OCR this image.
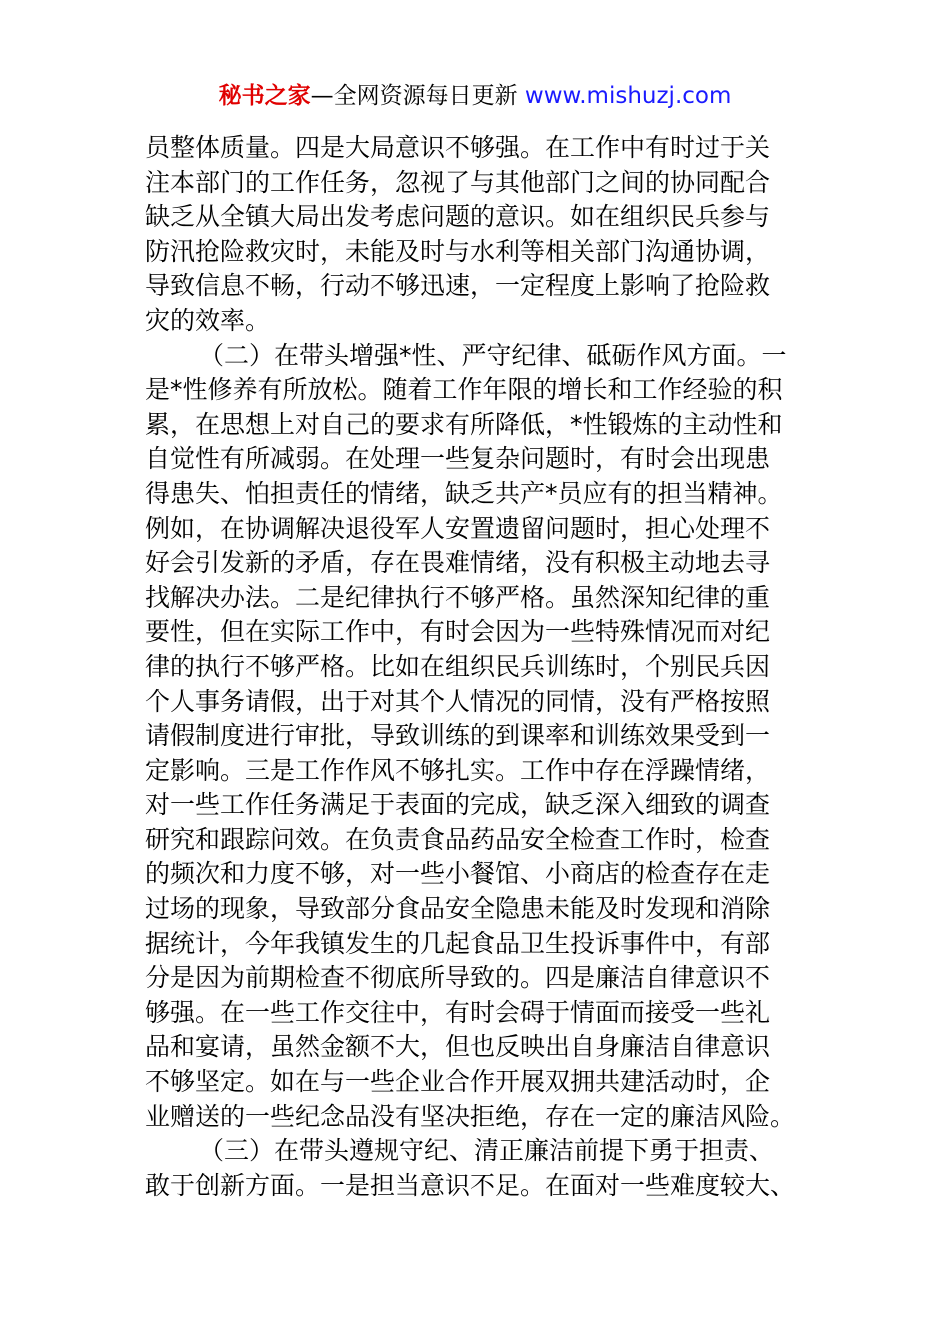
秘书之家—全网资源每日更新 www.mishuzj.com
员整体质量。四是大局意识不够强。在工作中有时过于关
注本部门的工作任务，忽视了与其他部门之间的协同配合
缺乏从全镇大局出发考虑问题的意识。如在组织民兵参与
防汛抢险救灾时，未能及时与水利等相关部门沟通协调，
导致信息不畅，行动不够迅速，一定程度上影响了抢险救
灾的效率。
（二）在带头增强*性、严守纪律、砥砺作风方面。一
是*性修养有所放松。随着工作年限的增长和工作经验的积
累，在思想上对自己的要求有所降低，*性锻炼的主动性和
自觉性有所减弱。在处理一些复杂问题时，有时会出现患
得患失、怕担责任的情绪，缺乏共产*员应有的担当精神。
例如，在协调解决退役军人安置遗留问题时，担心处理不
好会引发新的矛盾，存在畏难情绪，没有积极主动地去寻
找解决办法。二是纪律执行不够严格。虽然深知纪律的重
要性，但在实际工作中，有时会因为一些特殊情况而对纪
律的执行不够严格。比如在组织民兵训练时，个别民兵因
个人事务请假，出于对其个人情况的同情，没有严格按照
请假制度进行审批，导致训练的到课率和训练效果受到一
定影响。三是工作作风不够扎实。工作中存在浮躁情绪，
对一些工作任务满足于表面的完成，缺乏深入细致的调查
研究和跟踪问效。在负责食品药品安全检查工作时，检查
的频次和力度不够，对一些小餐馆、小商店的检查存在走
过场的现象，导致部分食品安全隐患未能及时发现和消除
据统计，今年我镇发生的几起食品卫生投诉事件中，有部
分是因为前期检查不彻底所导致的。四是廉洁自律意识不
够强。在一些工作交往中，有时会碍于情面而接受一些礼
品和宴请，虽然金额不大，但也反映出自身廉洁自律意识
不够坚定。如在与一些企业合作开展双拥共建活动时，企
业赠送的一些纪念品没有坚决拒绝，存在一定的廉洁风险。
（三）在带头遵规守纪、清正廉洁前提下勇于担责、
敢于创新方面。一是担当意识不足。在面对一些难度较大、
